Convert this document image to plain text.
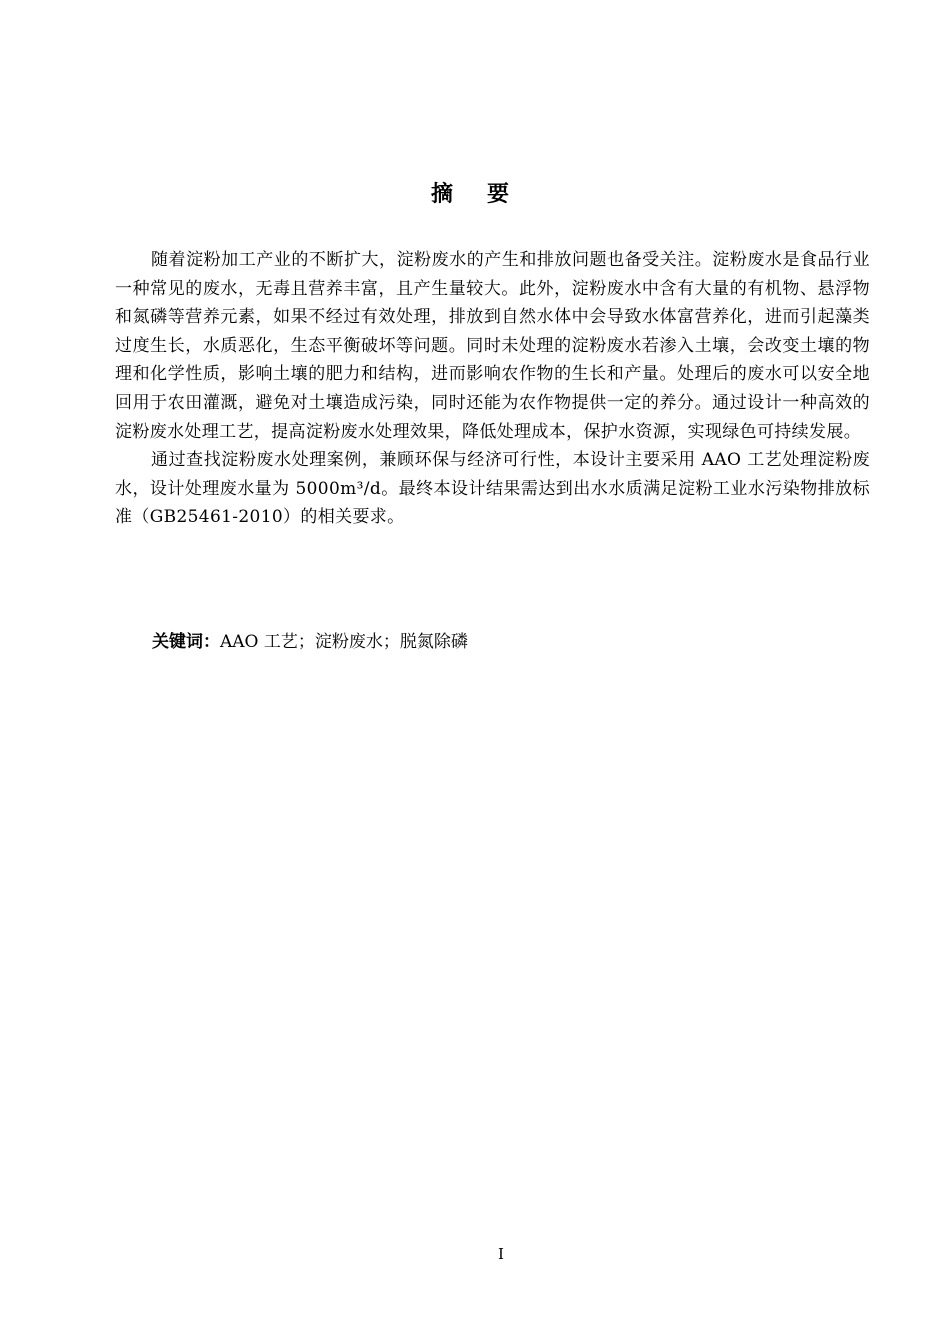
摘要

随着淀粉加工产业的不断扩大，淀粉废水的产生和排放问题也备受关注。淀粉废水是食品行业一种常见的废水，无毒且营养丰富，且产生量较大。此外，淀粉废水中含有大量的有机物、悬浮物和氮磷等营养元素，如果不经过有效处理，排放到自然水体中会导致水体富营养化，进而引起藻类过度生长，水质恶化，生态平衡破坏等问题。同时未处理的淀粉废水若渗入土壤，会改变土壤的物理和化学性质，影响土壤的肥力和结构，进而影响农作物的生长和产量。处理后的废水可以安全地回用于农田灌溉，避免对土壤造成污染，同时还能为农作物提供一定的养分。通过设计一种高效的淀粉废水处理工艺，提高淀粉废水处理效果，降低处理成本，保护水资源，实现绿色可持续发展。

通过查找淀粉废水处理案例，兼顾环保与经济可行性，本设计主要采用 AAO 工艺处理淀粉废水，设计处理废水量为 5000m³/d。最终本设计结果需达到出水水质满足淀粉工业水污染物排放标准（GB25461-2010）的相关要求。

关键词：AAO 工艺；淀粉废水；脱氮除磷

I
